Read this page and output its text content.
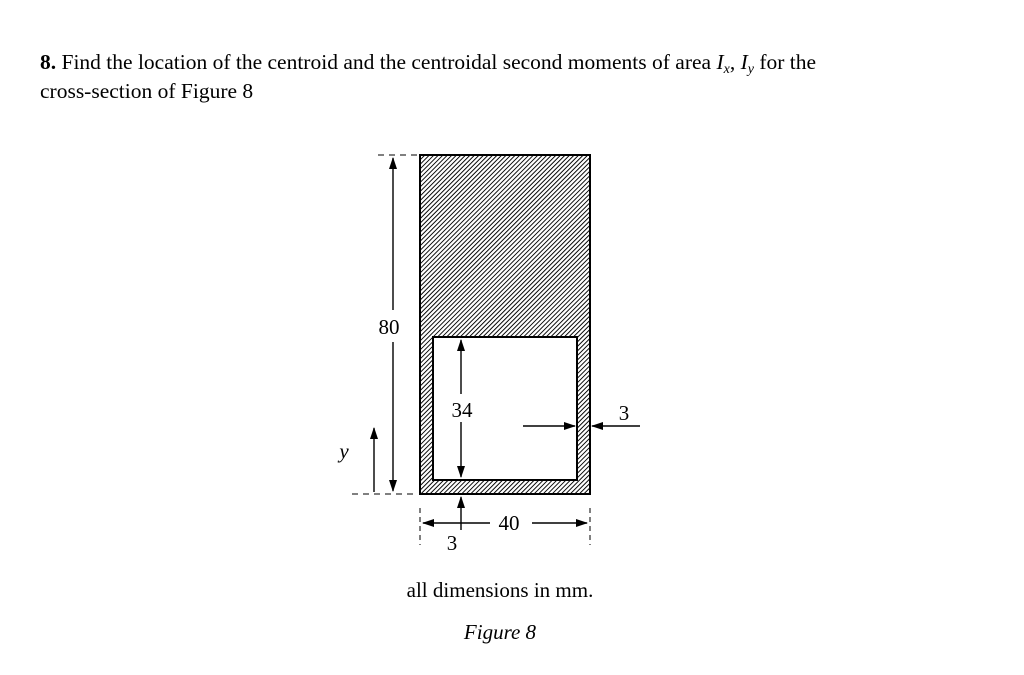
8. Find the location of the centroid and the centroidal second moments of area $I_x$, $I_y$ for the
cross-section of Figure 8
80
34	3
3
40
y
all dimensions in mm.
Figure 8
